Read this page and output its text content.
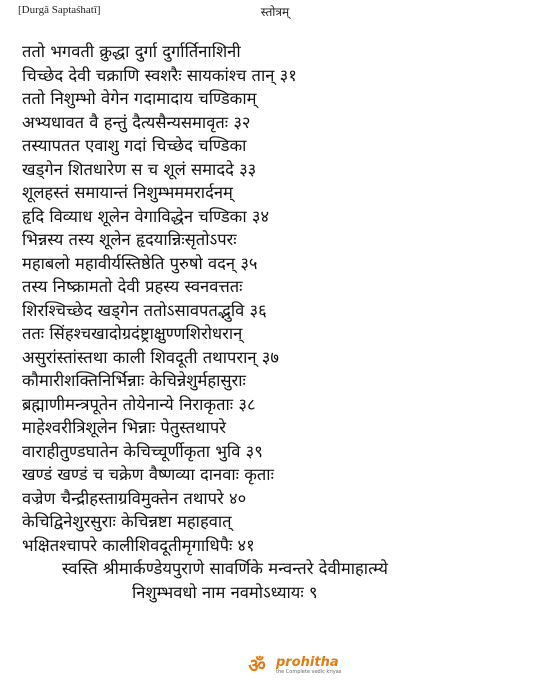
[Durgā Saptaśhatī]	स्तोत्रम्
ततो भगवती क्रुद्धा दुर्गा दुर्गार्तिनाशिनी
चिच्छेद देवी चक्राणि स्वशरैः सायकांश्च तान् ३१
ततो निशुम्भो वेगेन गदामादाय चण्डिकाम्
अभ्यधावत वै हन्तुं दैत्यसैन्यसमावृतः ३२
तस्यापतत एवाशु गदां चिच्छेद चण्डिका
खड्गेन शितधारेण स च शूलं समाददे ३३
शूलहस्तं समायान्तं निशुम्भममरार्दनम्
हृदि विव्याध शूलेन वेगाविद्धेन चण्डिका ३४
भिन्नस्य तस्य शूलेन हृदयान्निःसृतोऽपरः
महाबलो महावीर्यस्तिष्ठेति पुरुषो वदन् ३५
तस्य निष्क्रामतो देवी प्रहस्य स्वनवत्ततः
शिरश्चिच्छेद खड्गेन ततोऽसावपतद्भुवि ३६
ततः सिंहश्चखादोग्रदंष्ट्राक्षुण्णशिरोधरान्
असुरांस्तांस्तथा काली शिवदूती तथापरान् ३७
कौमारीशक्तिनिर्भिन्नाः केचिन्नेशुर्महासुराः
ब्रह्माणीमन्त्रपूतेन तोयेनान्ये निराकृताः ३८
माहेश्वरीत्रिशूलेन भिन्नाः पेतुस्तथापरे
वाराहीतुण्डघातेन केचिच्चूर्णीकृता भुवि ३९
खण्डं खण्डं च चक्रेण वैष्णव्या दानवाः कृताः
वज्रेण चैन्द्रीहस्ताग्रविमुक्तेन तथापरे ४०
केचिद्विनेशुरसुराः केचिन्नष्टा महाहवात्
भक्षितश्चापरे कालीशिवदूतीमृगाधिपैः ४१
स्वस्ति श्रीमार्कण्डेयपुराणे सावर्णिके मन्वन्तरे देवीमाहात्म्ये
निशुम्भवधो नाम नवमोऽध्यायः ९
ॐ prohitha
the Complete vedic kriyas
